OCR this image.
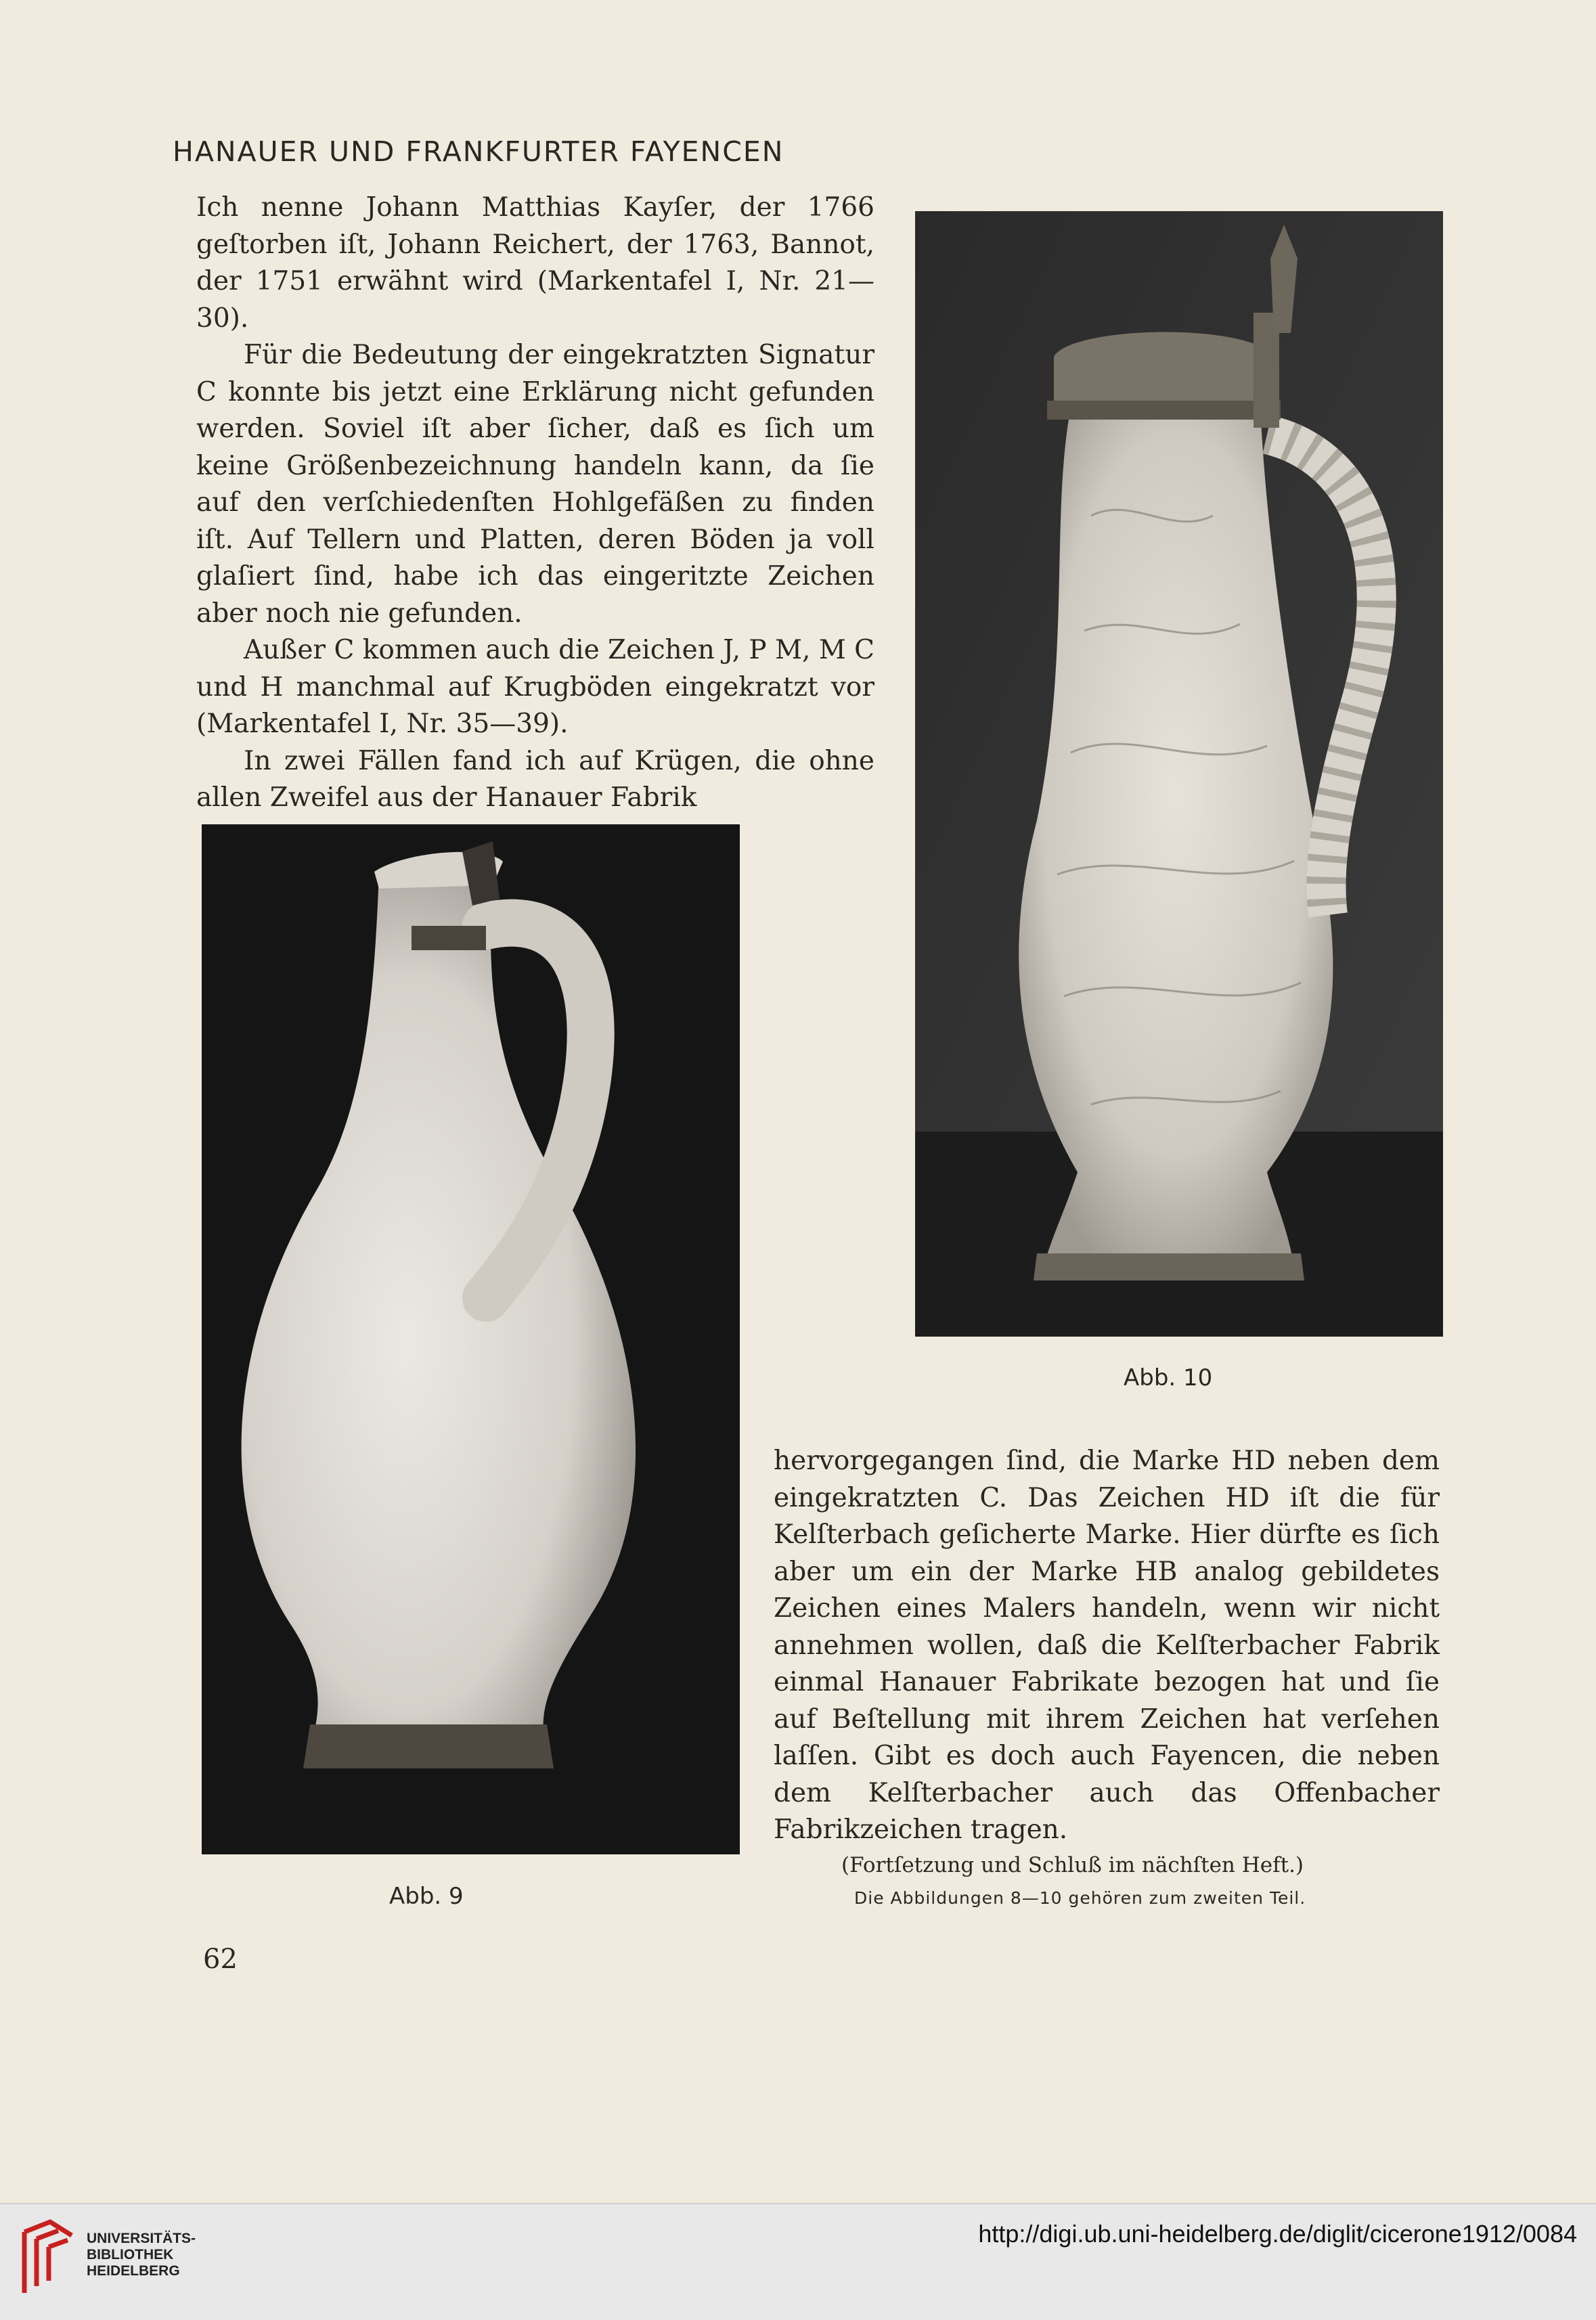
HANAUER UND FRANKFURTER FAYENCEN

Ich nenne Johann Matthias Kayſer, der 1766 geſtorben iſt, Johann Reichert, der 1763, Bannot, der 1751 erwähnt wird (Markentafel I, Nr. 21—30).

Für die Bedeutung der eingekratzten Signatur C konnte bis jetzt eine Erklärung nicht gefunden werden. Soviel iſt aber ſicher, daß es ſich um keine Größenbezeichnung handeln kann, da ſie auf den verſchiedenſten Hohlgefäßen zu finden iſt. Auf Tellern und Platten, deren Böden ja voll glaſiert ſind, habe ich das eingeritzte Zeichen aber noch nie gefunden.

Außer C kommen auch die Zeichen J, P M, M C und H manchmal auf Krugböden eingekratzt vor (Markentafel I, Nr. 35—39).

In zwei Fällen fand ich auf Krügen, die ohne allen Zweifel aus der Hanauer Fabrik

Abb. 10
Abb. 9

hervorgegangen ſind, die Marke HD neben dem eingekratzten C. Das Zeichen HD iſt die für Kelſterbach geſicherte Marke. Hier dürfte es ſich aber um ein der Marke HB analog gebildetes Zeichen eines Malers handeln, wenn wir nicht annehmen wollen, daß die Kelſterbacher Fabrik einmal Hanauer Fabrikate bezogen hat und ſie auf Beſtellung mit ihrem Zeichen hat verſehen laſſen. Gibt es doch auch Fayencen, die neben dem Kelſterbacher auch das Offenbacher Fabrikzeichen tragen.

(Fortſetzung und Schluß im nächſten Heft.)
Die Abbildungen 8—10 gehören zum zweiten Teil.
62
UNIVERSITÄTS-
BIBLIOTHEK
HEIDELBERG
http://digi.ub.uni-heidelberg.de/diglit/cicerone1912/0084
